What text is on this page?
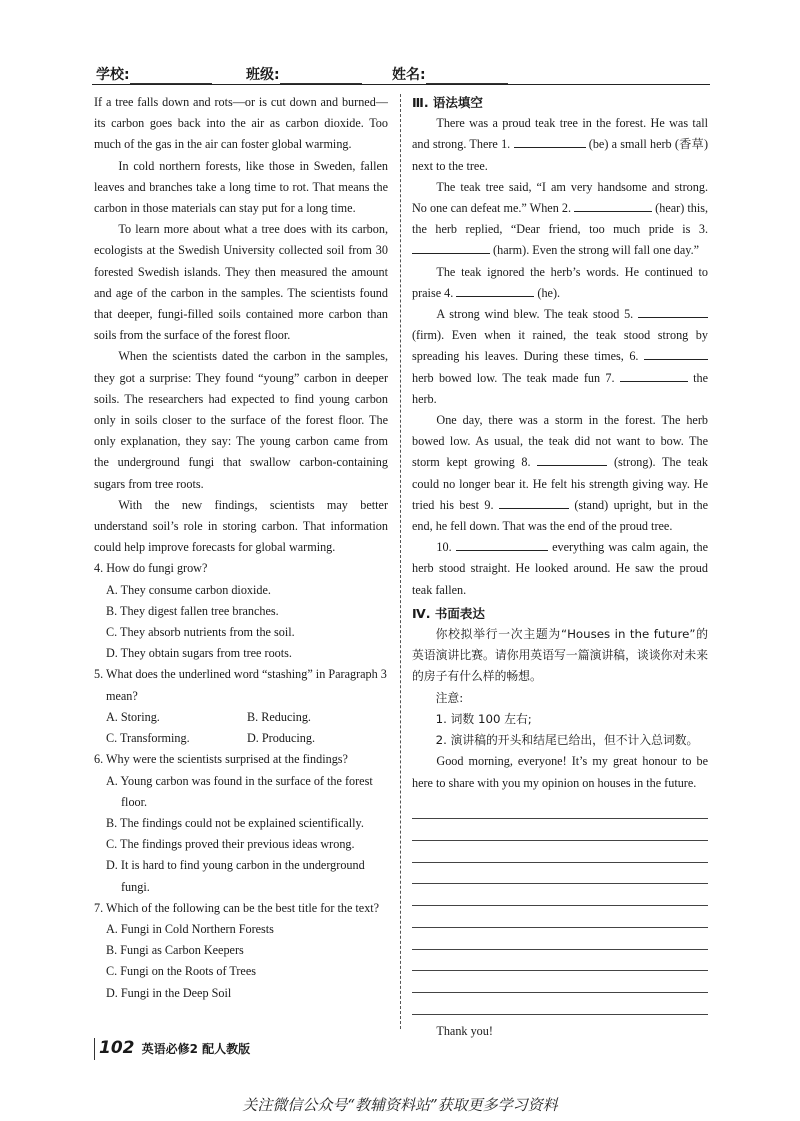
学校:	班级:	姓名:

If a tree falls down and rots—or is cut down and burned—its carbon goes back into the air as carbon dioxide. Too much of the gas in the air can foster global warming.

In cold northern forests, like those in Sweden, fallen leaves and branches take a long time to rot. That means the carbon in those materials can stay put for a long time.

To learn more about what a tree does with its carbon, ecologists at the Swedish University collected soil from 30 forested Swedish islands. They then measured the amount and age of the carbon in the samples. The scientists found that deeper, fungi-filled soils contained more carbon than soils from the surface of the forest floor.

When the scientists dated the carbon in the samples, they got a surprise: They found “young” carbon in deeper soils. The researchers had expected to find young carbon only in soils closer to the surface of the forest floor. The only explanation, they say: The young carbon came from the underground fungi that swallow carbon-containing sugars from tree roots.

With the new findings, scientists may better understand soil’s role in storing carbon. That information could help improve forecasts for global warming.

4. How do fungi grow?
A. They consume carbon dioxide.
B. They digest fallen tree branches.
C. They absorb nutrients from the soil.
D. They obtain sugars from tree roots.
5. What does the underlined word “stashing” in Paragraph 3 mean?
A. Storing.	B. Reducing.
C. Transforming.	D. Producing.
6. Why were the scientists surprised at the findings?
A. Young carbon was found in the surface of the forest floor.
B. The findings could not be explained scientifically.
C. The findings proved their previous ideas wrong.
D. It is hard to find young carbon in the underground fungi.
7. Which of the following can be the best title for the text?
A. Fungi in Cold Northern Forests
B. Fungi as Carbon Keepers
C. Fungi on the Roots of Trees
D. Fungi in the Deep Soil
Ⅲ. 语法填空

There was a proud teak tree in the forest. He was tall and strong. There 1.	(be) a small herb (香草) next to the tree.

The teak tree said, “I am very handsome and strong. No one can defeat me.” When 2.	(hear) this, the herb replied, “Dear friend, too much pride is 3.  (harm). Even the strong will fall one day.”

The teak ignored the herb’s words. He continued to praise 4.	(he).

A strong wind blew. The teak stood 5.  (firm). Even when it rained, the teak stood strong by spreading his leaves. During these times, 6.  herb bowed low. The teak made fun 7.	the herb.

One day, there was a storm in the forest. The herb bowed low. As usual, the teak did not want to bow. The storm kept growing 8.	(strong). The teak could no longer bear it. He felt his strength giving way. He tried his best 9.	(stand) upright, but in the end, he fell down. That was the end of the proud tree.

10.	everything was calm again, the herb stood straight. He looked around. He saw the proud teak fallen.

Ⅳ. 书面表达

你校拟举行一次主题为“Houses in the future”的英语演讲比赛。请你用英语写一篇演讲稿，谈谈你对未来的房子有什么样的畅想。

注意:
1. 词数 100 左右;
2. 演讲稿的开头和结尾已给出，但不计入总词数。

Good morning, everyone! It’s my great honour to be here to share with you my opinion on houses in the future.

Thank you!
102 英语必修2 配人教版
关注微信公众号“教辅资料站”获取更多学习资料
